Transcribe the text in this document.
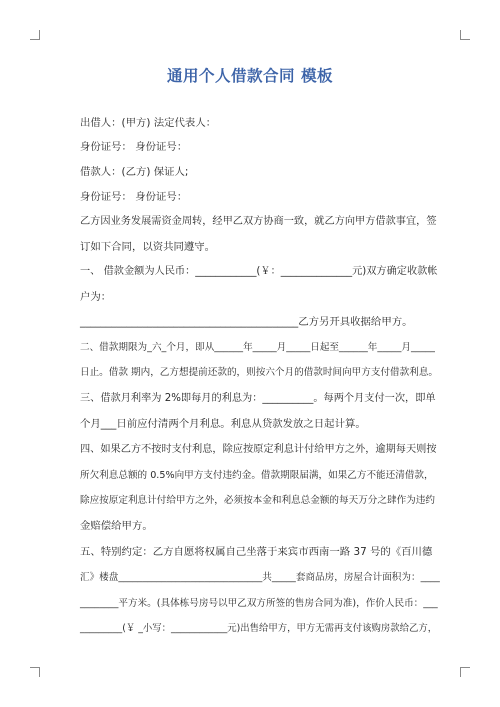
通用个人借款合同 模板
出借人：(甲方) 法定代表人：
身份证号： 身份证号：
借款人：(乙方) 保证人;
身份证号： 身份证号：
乙方因业务发展需资金周转，经甲乙双方协商一致，就乙方向甲方借款事宜，签
订如下合同，以资共同遵守。
一、 借款金额为人民币：____________(￥：______________元)双方确定收款帐
户为：
__________________________________________乙方另开具收据给甲方。
二、借款期限为_六_个月，即从______年_____月_____日起至______年_____月_____
日止。借款 期内，乙方想提前还款的，则按六个月的借款时间向甲方支付借款利息。
三、借款月利率为 2%即每月的利息为：__________。每两个月支付一次，即单
个月___日前应付清两个月利息。利息从贷款发放之日起计算。
四、如果乙方不按时支付利息，除应按原定利息计付给甲方之外，逾期每天则按
所欠利息总额的 0.5%向甲方支付违约金。借款期限届满，如果乙方不能还清借款，
除应按原定利息计付给甲方之外，必须按本金和利息总金额的每天万分之肆作为违约
金赔偿给甲方。
五、特别约定：乙方自愿将权属自己坐落于来宾市西南一路 37 号的《百川德
汇》楼盘______________________________共_____套商品房，房屋合计面积为：____
________平方米。(具体栋号房号以甲乙双方所签的售房合同为准)，作价人民币：___
_________(￥ _小写：____________元)出售给甲方，甲方无需再支付该购房款给乙方，
